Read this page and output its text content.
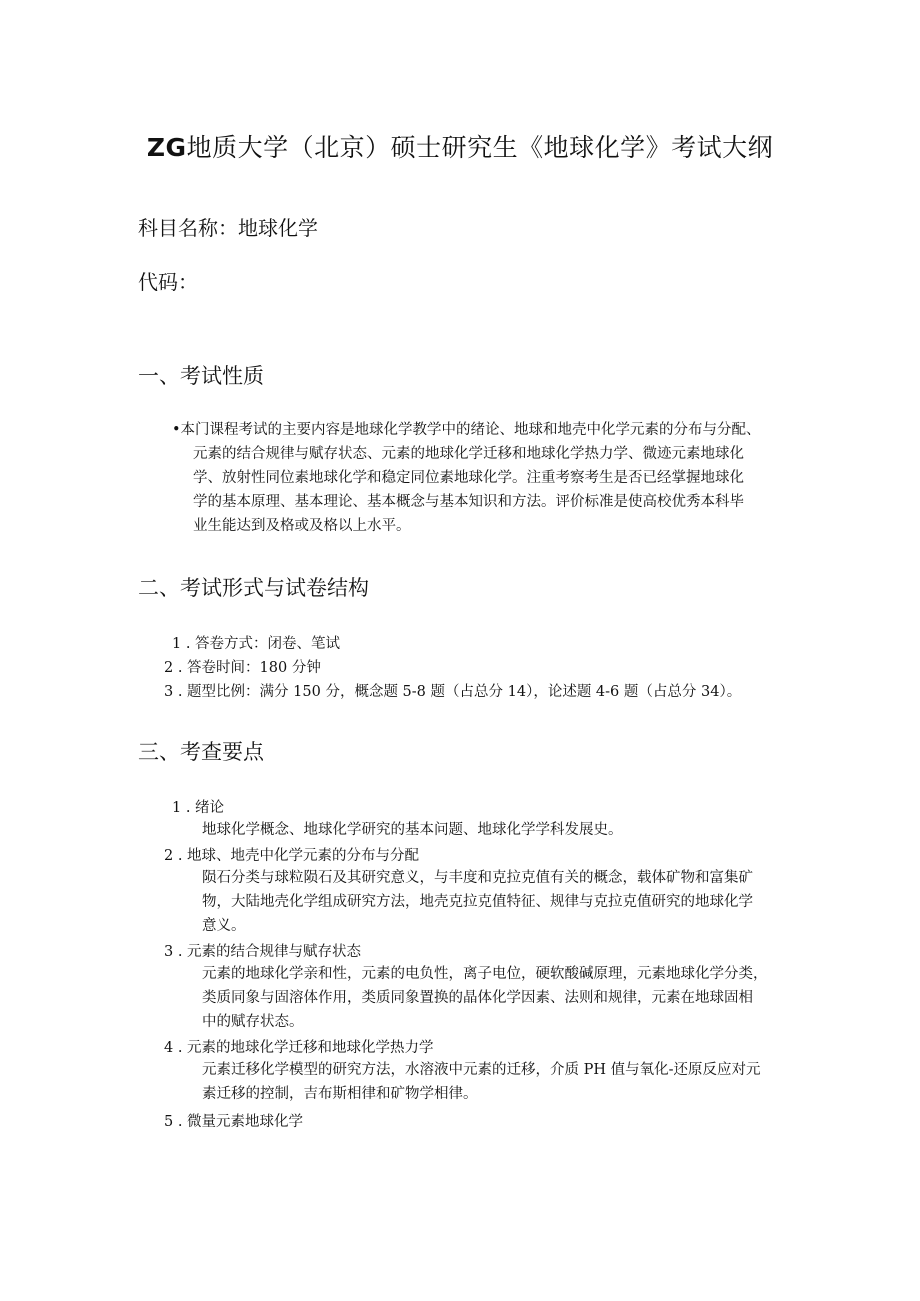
ZG地质大学（北京）硕士研究生《地球化学》考试大纲
科目名称：地球化学
代码：
一、考试性质
•本门课程考试的主要内容是地球化学教学中的绪论、地球和地壳中化学元素的分布与分配、
元素的结合规律与赋存状态、元素的地球化学迁移和地球化学热力学、微迹元素地球化
学、放射性同位素地球化学和稳定同位素地球化学。注重考察考生是否已经掌握地球化
学的基本原理、基本理论、基本概念与基本知识和方法。评价标准是使高校优秀本科毕
业生能达到及格或及格以上水平。
二、考试形式与试卷结构
1 . 答卷方式：闭卷、笔试
2 . 答卷时间：180 分钟
3 . 题型比例：满分 150 分，概念题 5-8 题（占总分 14），论述题 4-6 题（占总分 34）。
三、考查要点
1 . 绪论
地球化学概念、地球化学研究的基本问题、地球化学学科发展史。
2 . 地球、地壳中化学元素的分布与分配
陨石分类与球粒陨石及其研究意义，与丰度和克拉克值有关的概念，载体矿物和富集矿
物，大陆地壳化学组成研究方法，地壳克拉克值特征、规律与克拉克值研究的地球化学
意义。
3 . 元素的结合规律与赋存状态
元素的地球化学亲和性，元素的电负性，离子电位，硬软酸碱原理，元素地球化学分类，
类质同象与固溶体作用，类质同象置换的晶体化学因素、法则和规律，元素在地球固相
中的赋存状态。
4 . 元素的地球化学迁移和地球化学热力学
元素迁移化学模型的研究方法，水溶液中元素的迁移，介质 PH 值与氧化-还原反应对元
素迁移的控制，吉布斯相律和矿物学相律。
5 . 微量元素地球化学
